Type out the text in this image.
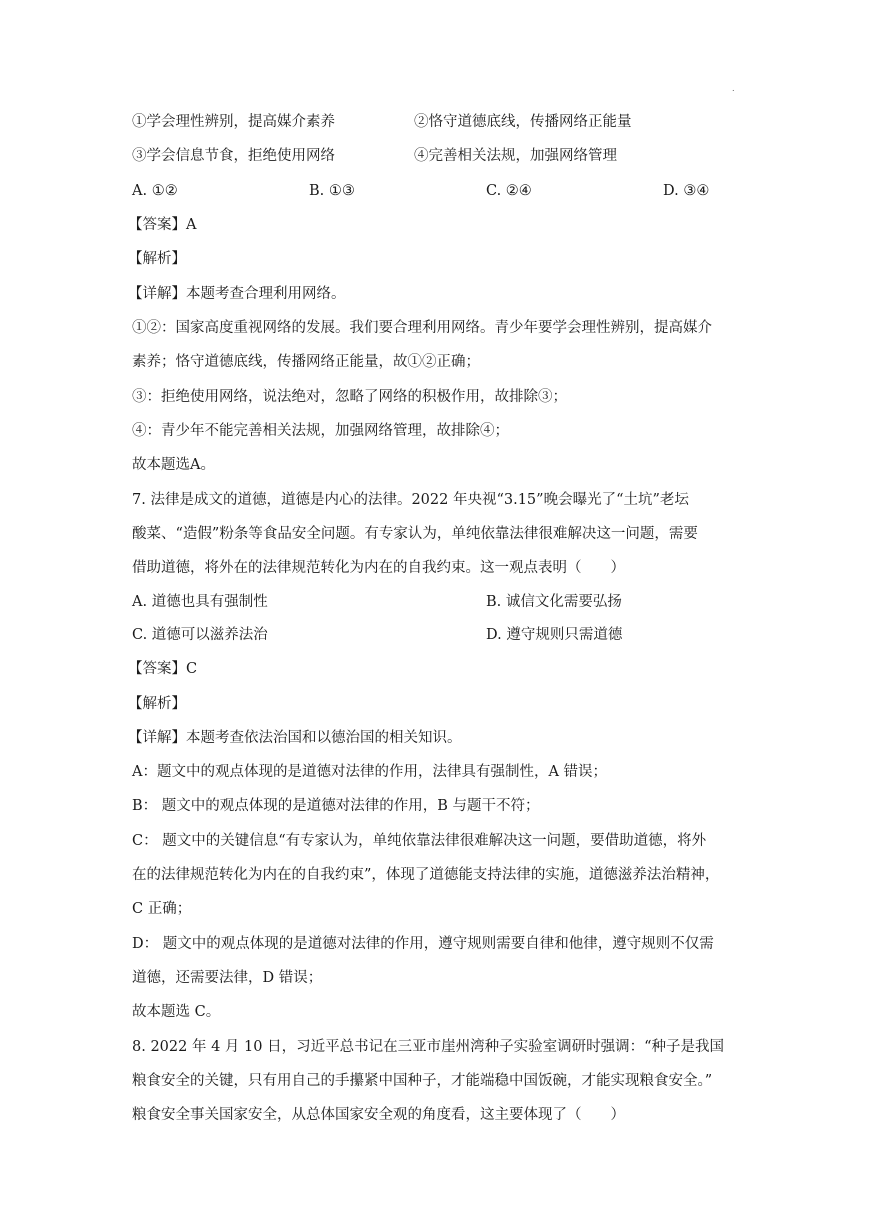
.
①学会理性辨别，提高媒介素养	②恪守道德底线，传播网络正能量
③学会信息节食，拒绝使用网络	④完善相关法规，加强网络管理
A. ①②	B. ①③	C. ②④	D. ③④
【答案】A
【解析】
【详解】本题考查合理利用网络。
①②：国家高度重视网络的发展。我们要合理利用网络。青少年要学会理性辨别，提高媒介
素养；恪守道德底线，传播网络正能量，故①②正确；
③：拒绝使用网络，说法绝对，忽略了网络的积极作用，故排除③；
④：青少年不能完善相关法规，加强网络管理，故排除④；
故本题选A。
7. 法律是成文的道德，道德是内心的法律。2022 年央视“3.15”晚会曝光了“土坑”老坛
酸菜、“造假”粉条等食品安全问题。有专家认为，单纯依靠法律很难解决这一问题，需要
借助道德，将外在的法律规范转化为内在的自我约束。这一观点表明（　　）
A. 道德也具有强制性	B. 诚信文化需要弘扬
C. 道德可以滋养法治	D. 遵守规则只需道德
【答案】C
【解析】
【详解】本题考查依法治国和以德治国的相关知识。
A：题文中的观点体现的是道德对法律的作用，法律具有强制性，A 错误；
B： 题文中的观点体现的是道德对法律的作用，B 与题干不符；
C： 题文中的关键信息“有专家认为，单纯依靠法律很难解决这一问题，要借助道德，将外
在的法律规范转化为内在的自我约束”，体现了道德能支持法律的实施，道德滋养法治精神，
C 正确；
D： 题文中的观点体现的是道德对法律的作用，遵守规则需要自律和他律，遵守规则不仅需
道德，还需要法律，D 错误；
故本题选 C。
8. 2022 年 4 月 10 日，习近平总书记在三亚市崖州湾种子实验室调研时强调：“种子是我国
粮食安全的关键，只有用自己的手攥紧中国种子，才能端稳中国饭碗，才能实现粮食安全。”
粮食安全事关国家安全，从总体国家安全观的角度看，这主要体现了（　　）
